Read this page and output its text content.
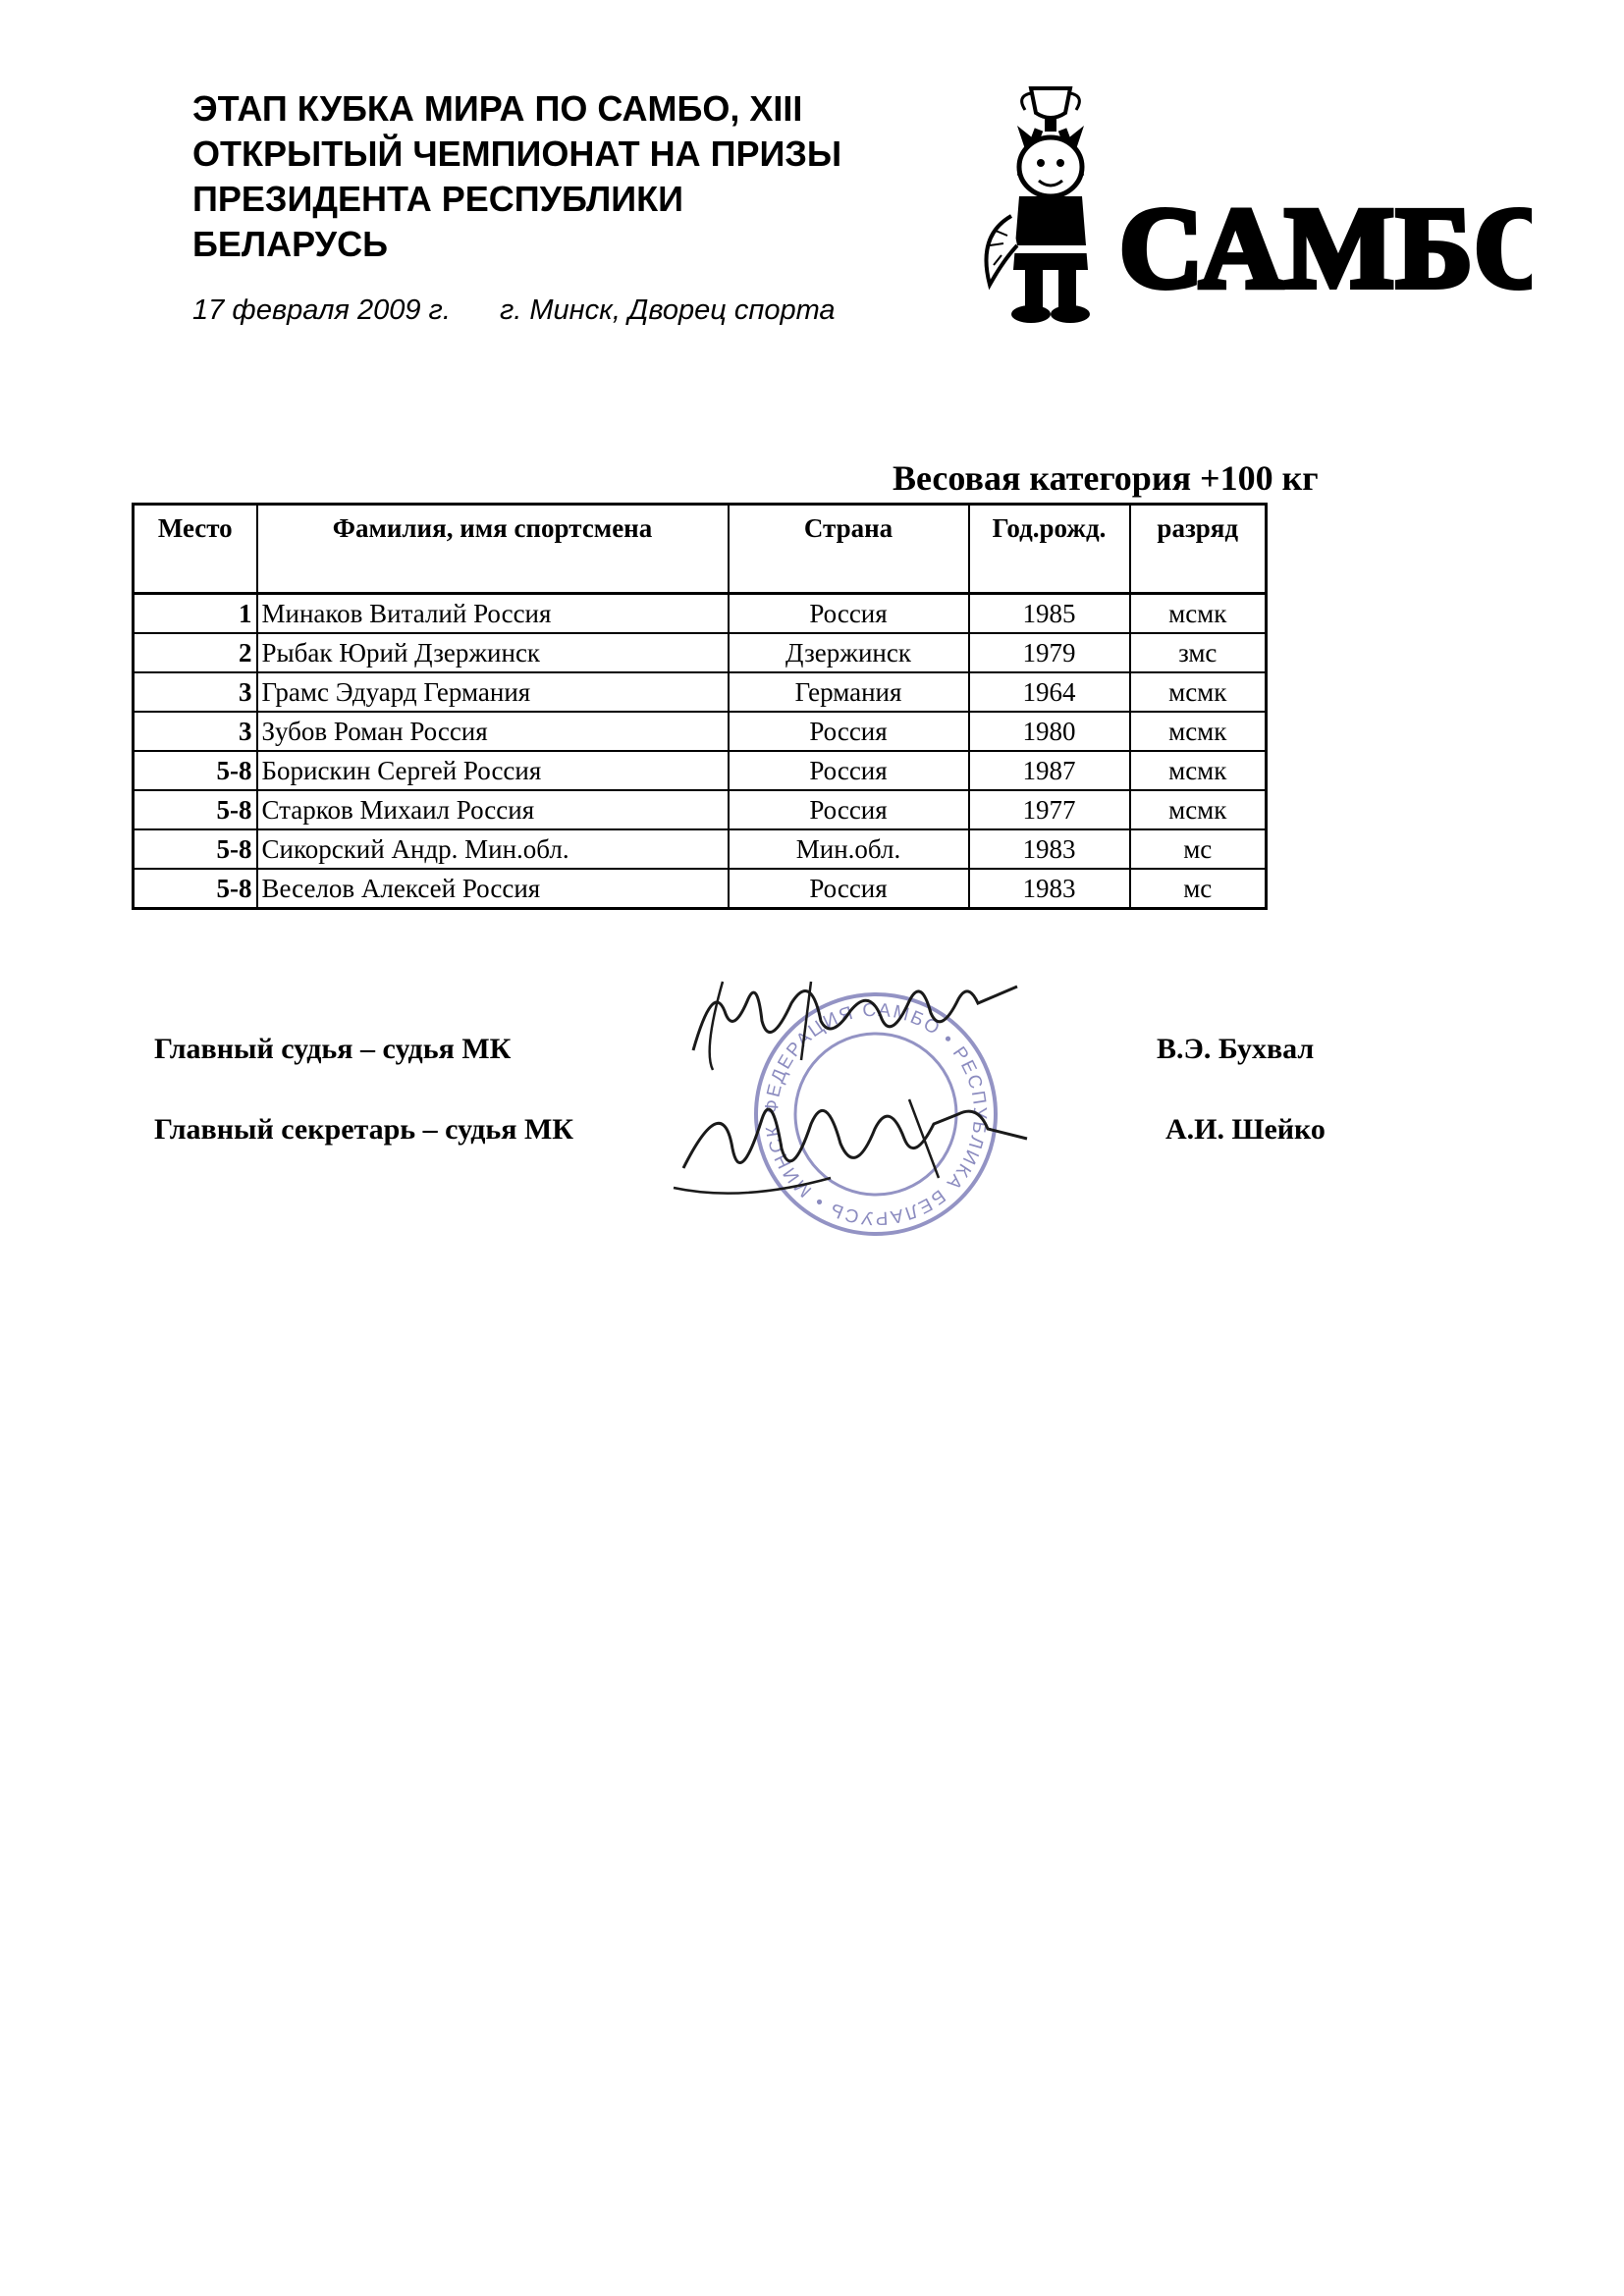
ЭТАП КУБКА МИРА ПО САМБО, XIII
ОТКРЫТЫЙ ЧЕМПИОНАТ НА ПРИЗЫ
ПРЕЗИДЕНТА РЕСПУБЛИКИ
БЕЛАРУСЬ
17 февраля 2009 г. г. Минск, Дворец спорта САМБО
Весовая категория +100 кг
Место	Фамилия, имя спортсмена	Страна	Год.рожд.	разряд
1	Минаков Виталий Россия	Россия	1985	мсмк
2	Рыбак Юрий Дзержинск	Дзержинск	1979	змс
3	Грамс Эдуард Германия	Германия	1964	мсмк
3	Зубов Роман Россия	Россия	1980	мсмк
5-8	Борискин Сергей Россия	Россия	1987	мсмк
5-8	Старков Михаил Россия	Россия	1977	мсмк
5-8	Сикорский Андр. Мин.обл.	Мин.обл.	1983	мс
5-8	Веселов Алексей Россия	Россия	1983	мс
ФЕДЕРАЦИЯ САМБО • РЕСПУБЛИКА БЕЛАРУСЬ • МИНСК
Главный судья – судья МК	В.Э. Бухвал
Главный секретарь – судья МК	А.И. Шейко
